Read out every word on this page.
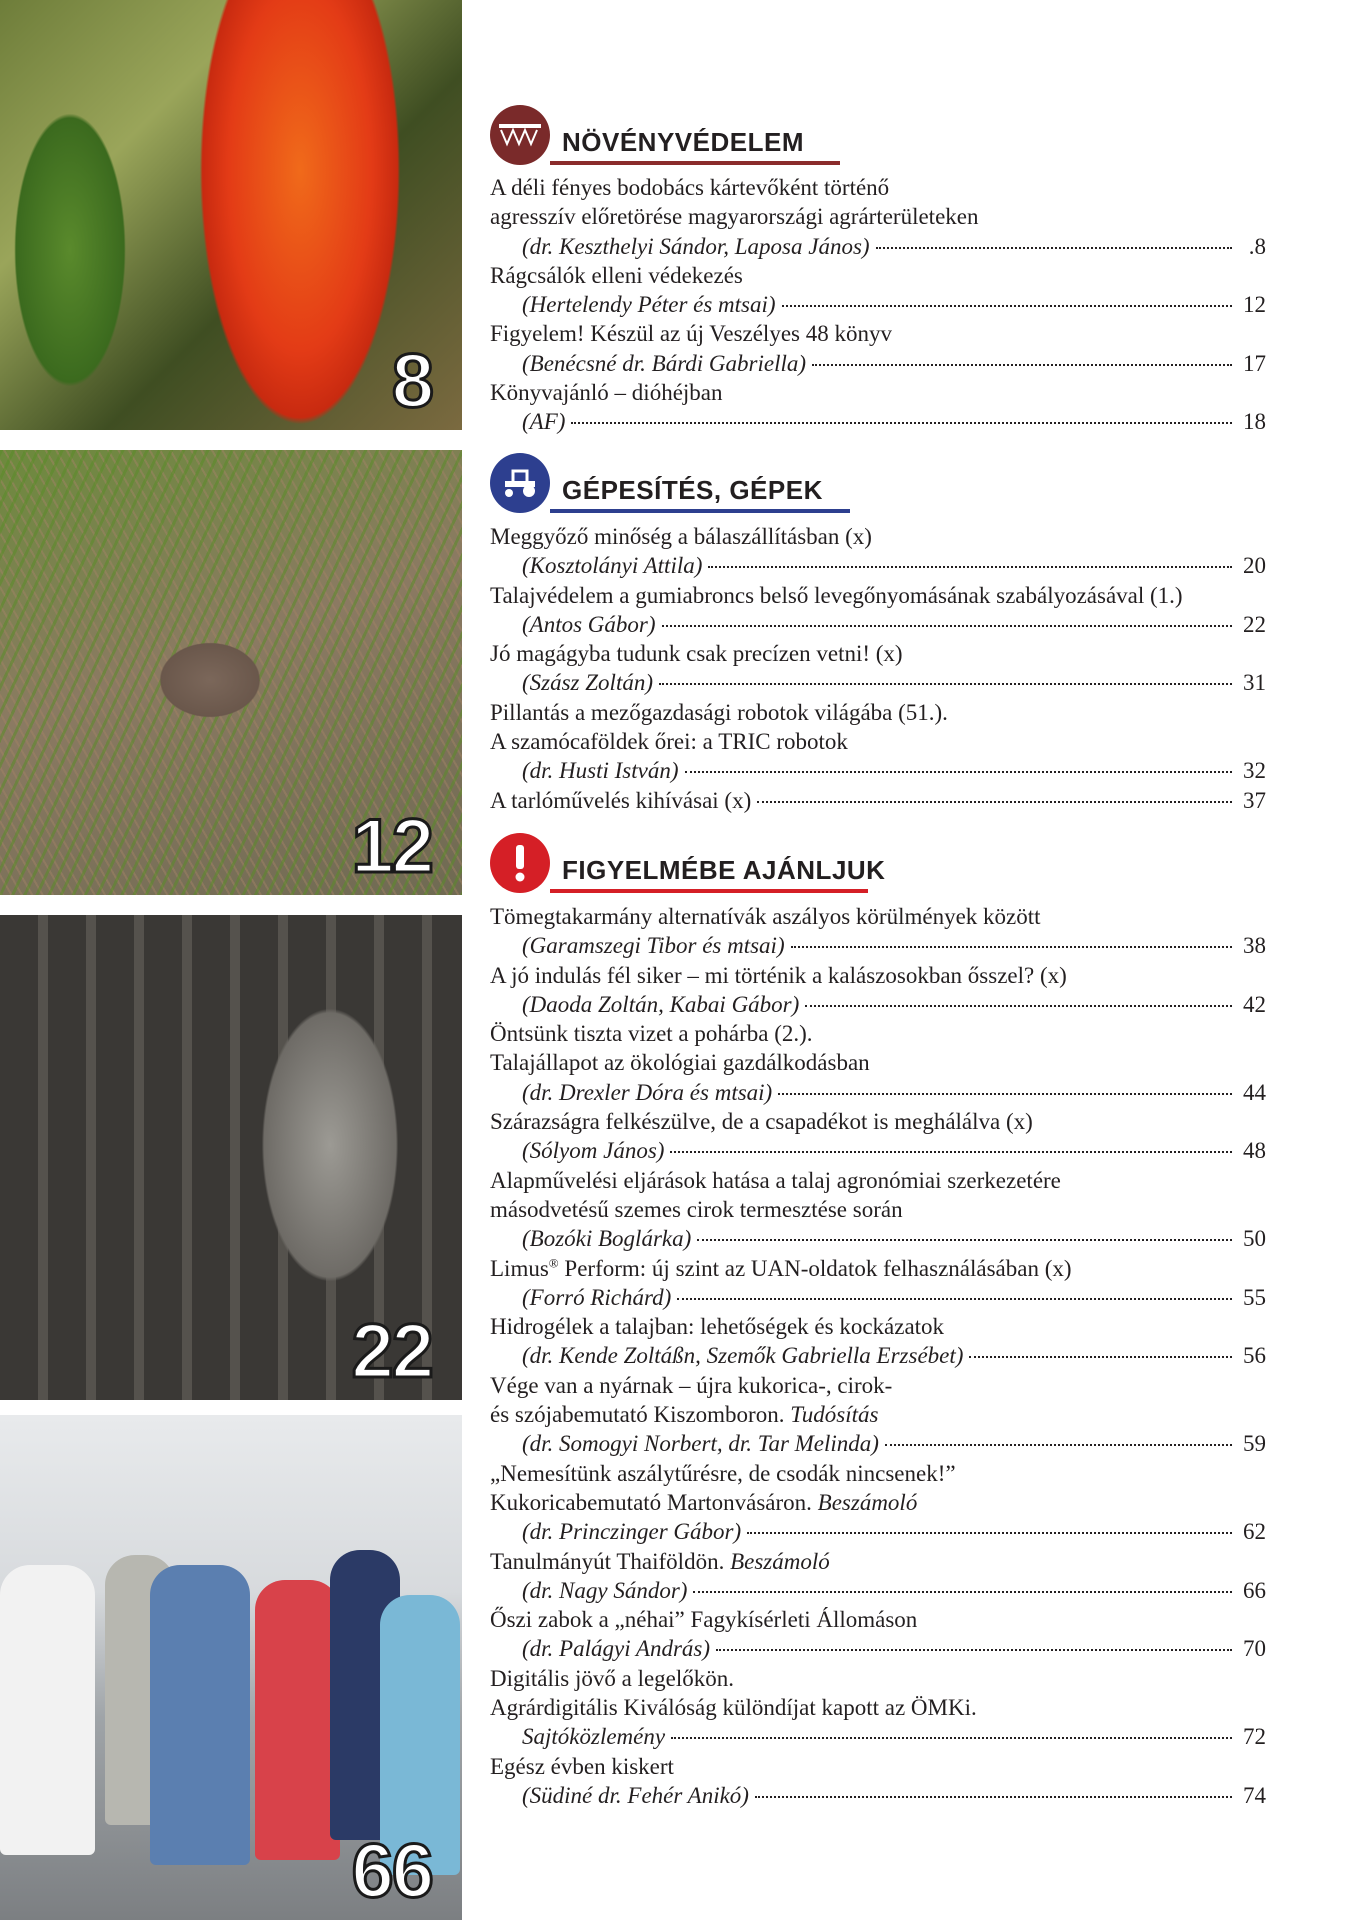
8
12
22
66
NÖVÉNYVÉDELEM
A déli fényes bodobács kártevőként történő
agresszív előretörése magyarországi agrárterületeken
(dr. Keszthelyi Sándor, Laposa János)	.8
Rágcsálók elleni védekezés
(Hertelendy Péter és mtsai)	12
Figyelem! Készül az új Veszélyes 48 könyv
(Benécsné dr. Bárdi Gabriella)	17
Könyvajánló – dióhéjban
(AF)	18
GÉPESÍTÉS, GÉPEK
Meggyőző minőség a bálaszállításban (x)
(Kosztolányi Attila)	20
Talajvédelem a gumiabroncs belső levegőnyomásának szabályozásával (1.)
(Antos Gábor)	22
Jó magágyba tudunk csak precízen vetni! (x)
(Szász Zoltán)	31
Pillantás a mezőgazdasági robotok világába (51.).
A szamócaföldek őrei: a TRIC robotok
(dr. Husti István)	32
A tarlóművelés kihívásai (x)	37
FIGYELMÉBE AJÁNLJUK
Tömegtakarmány alternatívák aszályos körülmények között
(Garamszegi Tibor és mtsai)	38
A jó indulás fél siker – mi történik a kalászosokban ősszel? (x)
(Daoda Zoltán, Kabai Gábor)	42
Öntsünk tiszta vizet a pohárba (2.).
Talajállapot az ökológiai gazdálkodásban
(dr. Drexler Dóra és mtsai)	44
Szárazságra felkészülve, de a csapadékot is meghálálva (x)
(Sólyom János)	48
Alapművelési eljárások hatása a talaj agronómiai szerkezetére
másodvetésű szemes cirok termesztése során
(Bozóki Boglárka)	50
Limus® Perform: új szint az UAN-oldatok felhasználásában (x)
(Forró Richárd)	55
Hidrogélek a talajban: lehetőségek és kockázatok
(dr. Kende Zoltáßn, Szemők Gabriella Erzsébet)	56
Vége van a nyárnak – újra kukorica-, cirok-
és szójabemutató Kiszomboron. Tudósítás
(dr. Somogyi Norbert, dr. Tar Melinda)	59
„Nemesítünk aszálytűrésre, de csodák nincsenek!”
Kukoricabemutató Martonvásáron. Beszámoló
(dr. Princzinger Gábor)	62
Tanulmányút Thaiföldön. Beszámoló
(dr. Nagy Sándor)	66
Őszi zabok a „néhai” Fagykísérleti Állomáson
(dr. Palágyi András)	70
Digitális jövő a legelőkön.
Agrárdigitális Kiválóság különdíjat kapott az ÖMKi.
Sajtóközlemény	72
Egész évben kiskert
(Südiné dr. Fehér Anikó)	74
